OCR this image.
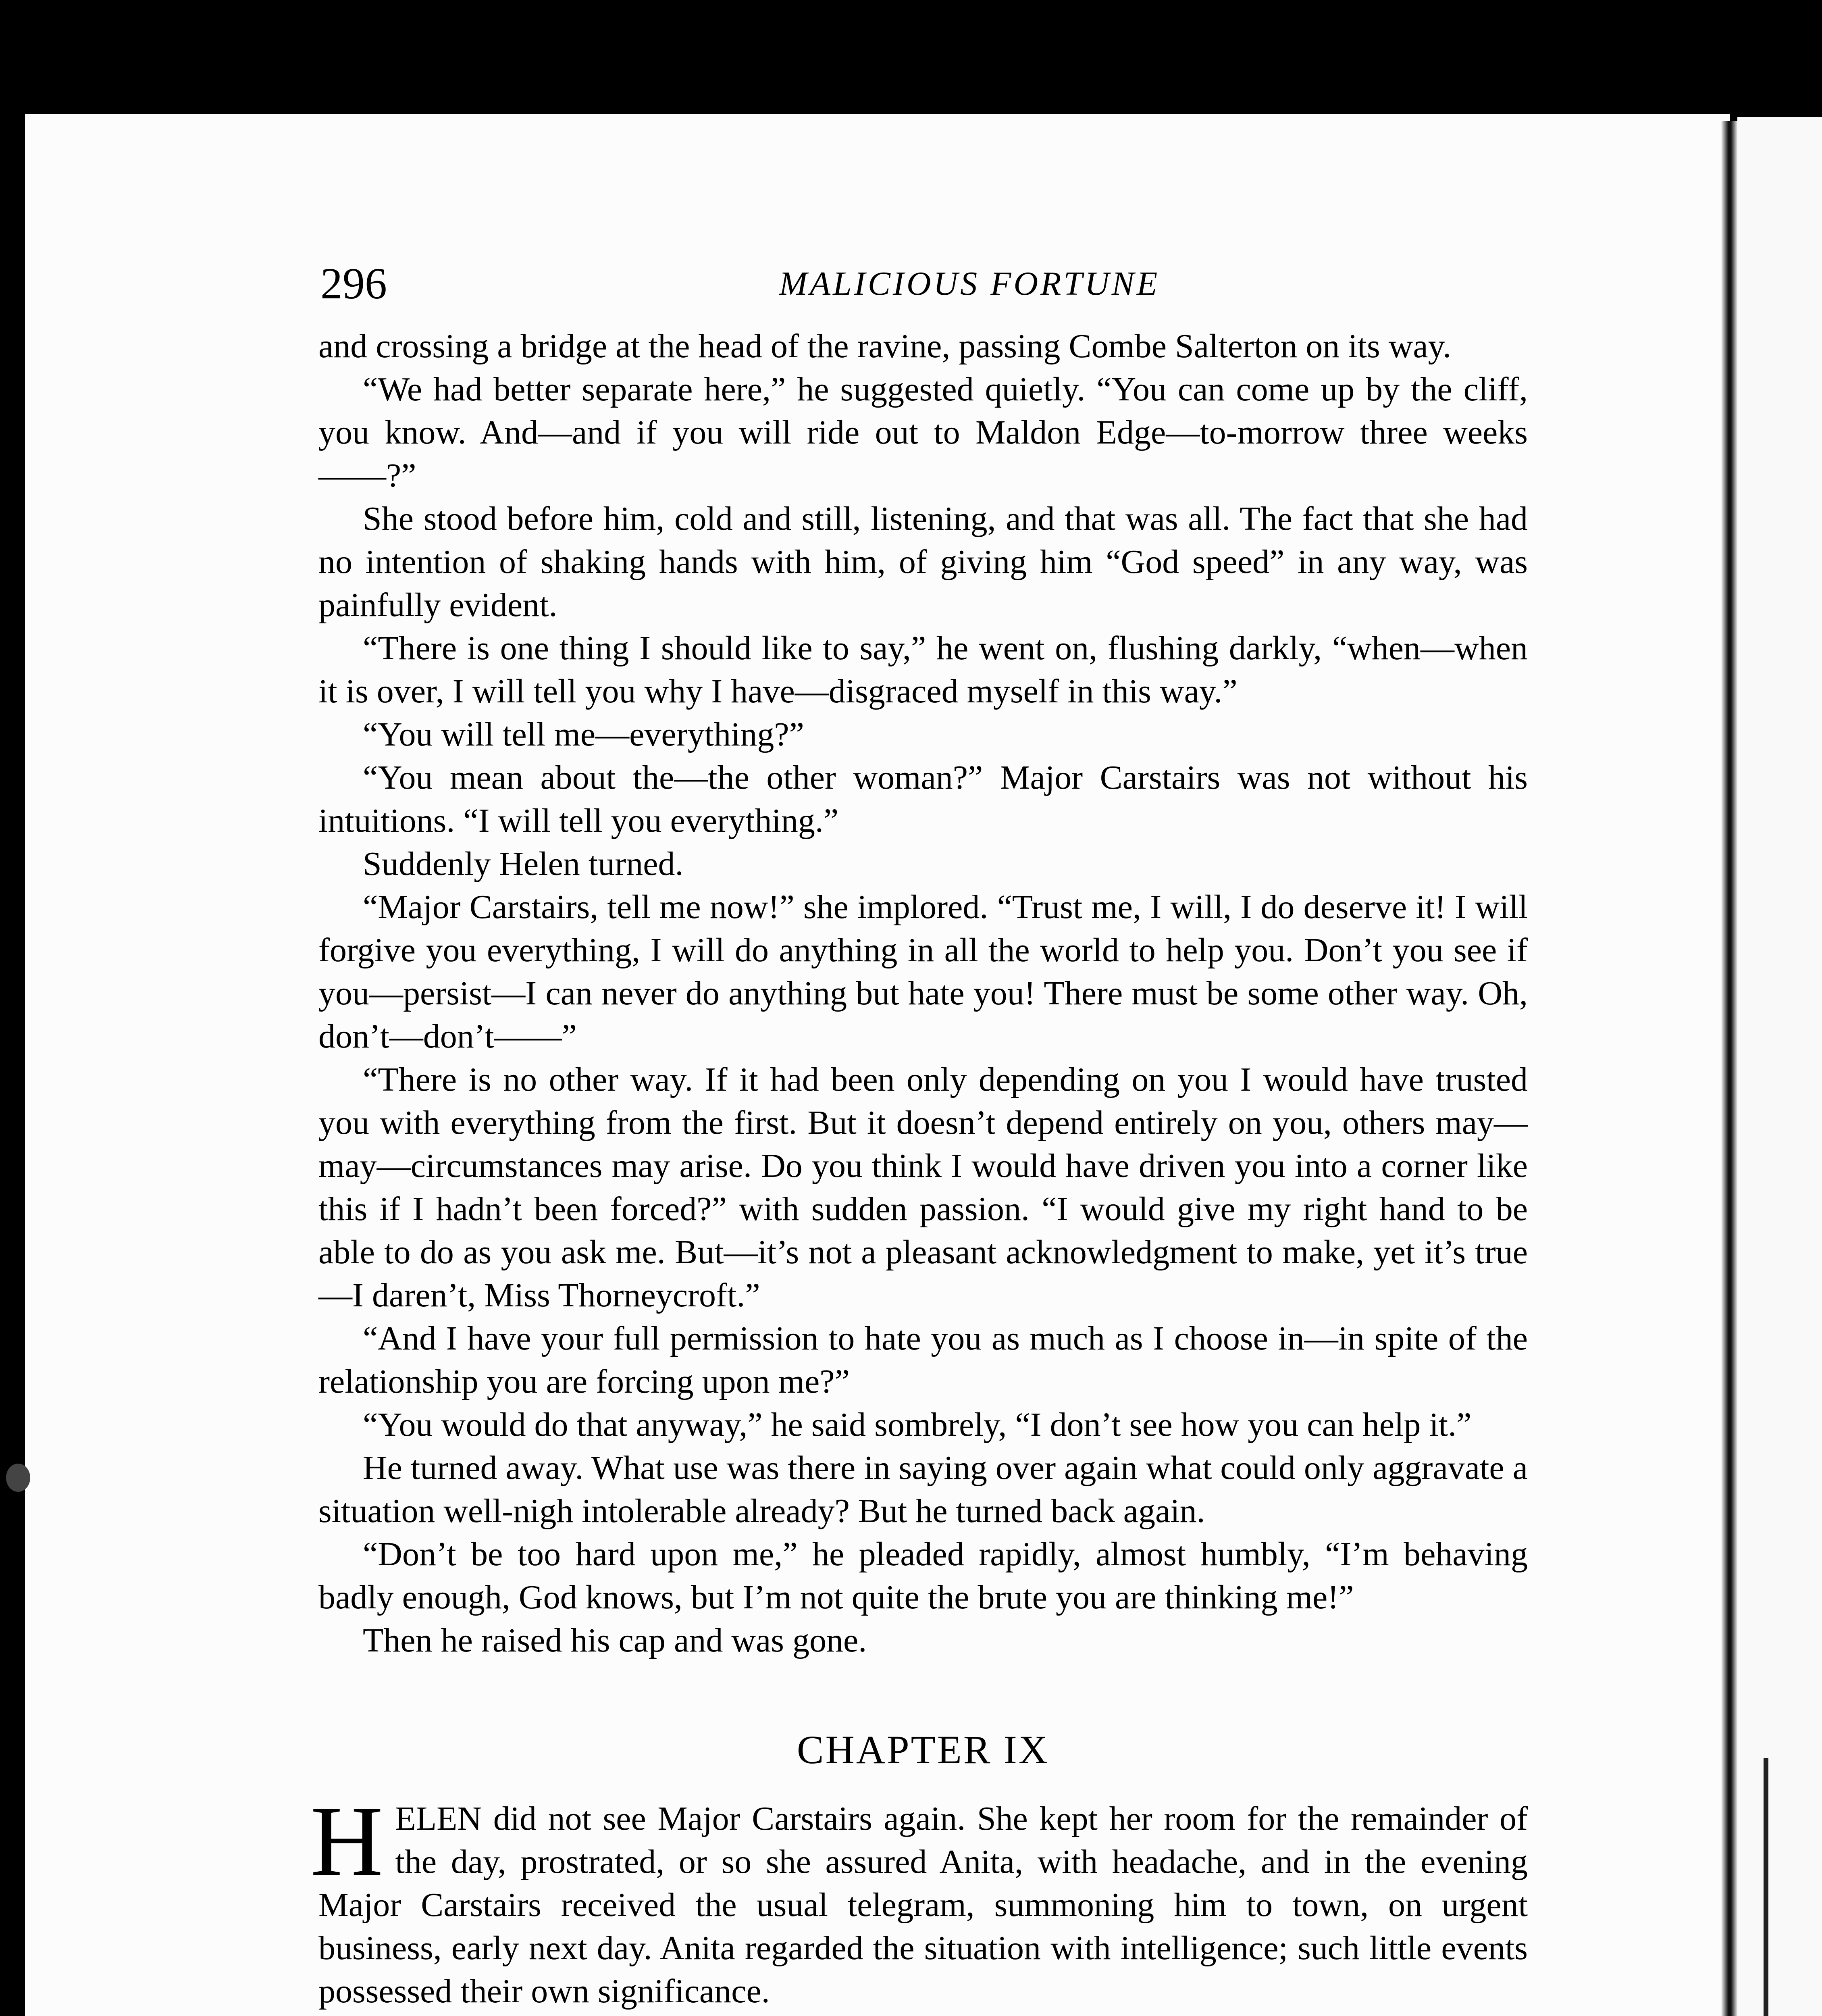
296	MALICIOUS FORTUNE

and crossing a bridge at the head of the ravine, passing Combe Salterton on its way.

“We had better separate here,” he suggested quietly. “You can come up by the cliff, you know. And—and if you will ride out to Maldon Edge—to-morrow three weeks——?”

She stood before him, cold and still, listening, and that was all. The fact that she had no intention of shaking hands with him, of giving him “God speed” in any way, was painfully evident.

“There is one thing I should like to say,” he went on, flushing darkly, “when—when it is over, I will tell you why I have—disgraced myself in this way.”

“You will tell me—everything?”

“You mean about the—the other woman?” Major Carstairs was not without his intuitions. “I will tell you everything.”

Suddenly Helen turned.

“Major Carstairs, tell me now!” she implored. “Trust me, I will, I do deserve it! I will forgive you everything, I will do anything in all the world to help you. Don’t you see if you—persist—I can never do anything but hate you! There must be some other way. Oh, don’t—don’t——”

“There is no other way. If it had been only depending on you I would have trusted you with everything from the first. But it doesn’t depend entirely on you, others may—may—circumstances may arise. Do you think I would have driven you into a corner like this if I hadn’t been forced?” with sudden passion. “I would give my right hand to be able to do as you ask me. But—it’s not a pleasant acknowledgment to make, yet it’s true—I daren’t, Miss Thorneycroft.”

“And I have your full permission to hate you as much as I choose in—in spite of the relationship you are forcing upon me?”

“You would do that anyway,” he said sombrely, “I don’t see how you can help it.”

He turned away. What use was there in saying over again what could only aggravate a situation well-nigh intolerable already? But he turned back again.

“Don’t be too hard upon me,” he pleaded rapidly, almost humbly, “I’m behaving badly enough, God knows, but I’m not quite the brute you are thinking me!”

Then he raised his cap and was gone.

CHAPTER IX
H ELEN did not see Major Carstairs again. She kept her room for the remainder of the day, prostrated, or so she assured Anita, with headache, and in the evening Major Carstairs received the usual telegram, summoning him to town, on urgent business, early next day. Anita regarded the situation with intelligence; such little events possessed their own significance.
